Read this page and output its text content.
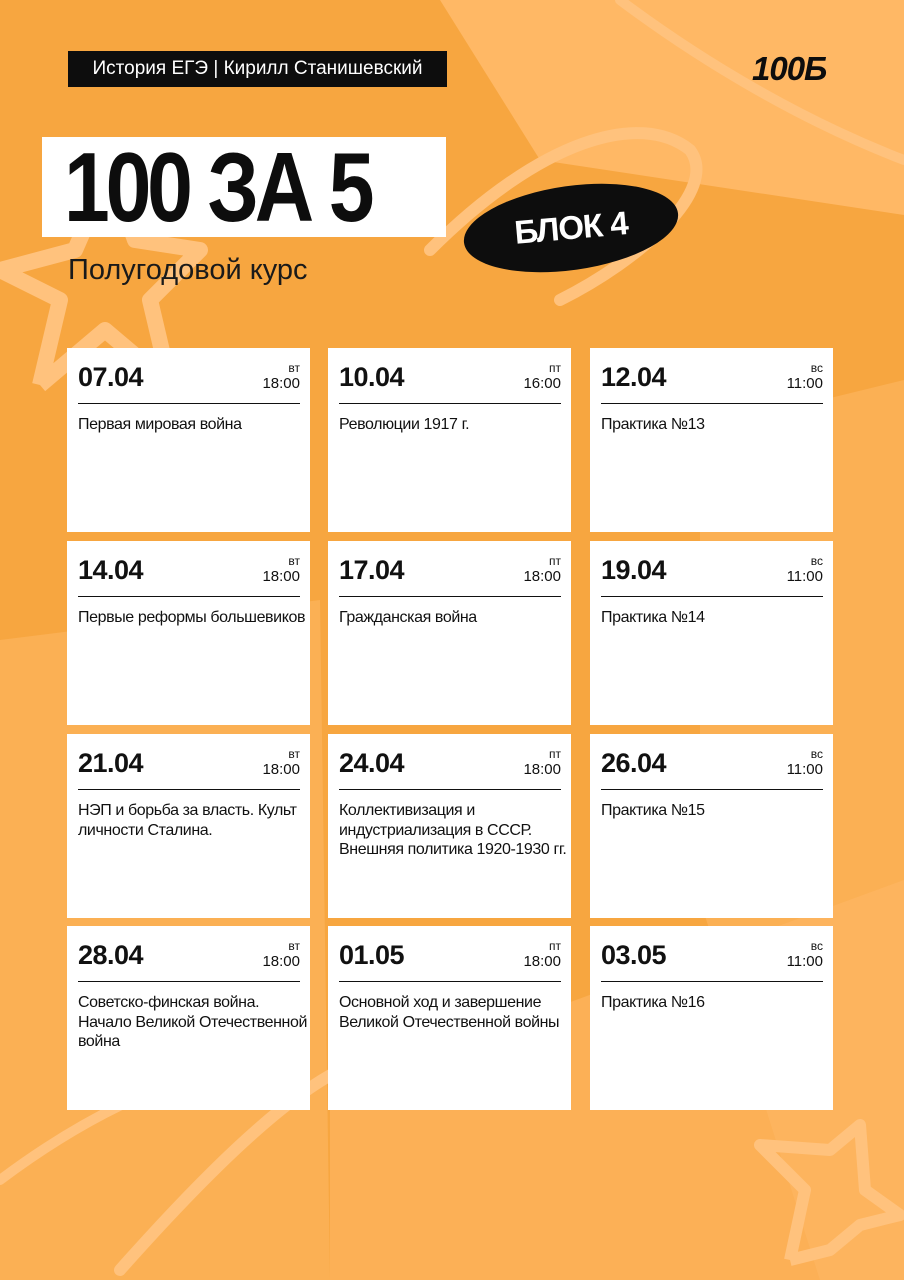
История ЕГЭ | Кирилл Станишевский	100Б
100 ЗА 5	БЛОК 4
Полугодовой курс
07.04	вт
18:00
Первая мировая война
10.04	пт
16:00
Революции 1917 г.
12.04	вс
11:00
Практика №13
14.04	вт
18:00
Первые реформы большевиков
17.04	пт
18:00
Гражданская война
19.04	вс
11:00
Практика №14
21.04	вт
18:00
НЭП и борьба за власть. Культ личности Сталина.
24.04	пт
18:00
Коллективизация и индустриализация в СССР. Внешняя политика 1920-1930 гг.
26.04	вс
11:00
Практика №15
28.04	вт
18:00
Советско-финская война. Начало Великой Отечественной война
01.05	пт
18:00
Основной ход и завершение Великой Отечественной войны
03.05	вс
11:00
Практика №16
